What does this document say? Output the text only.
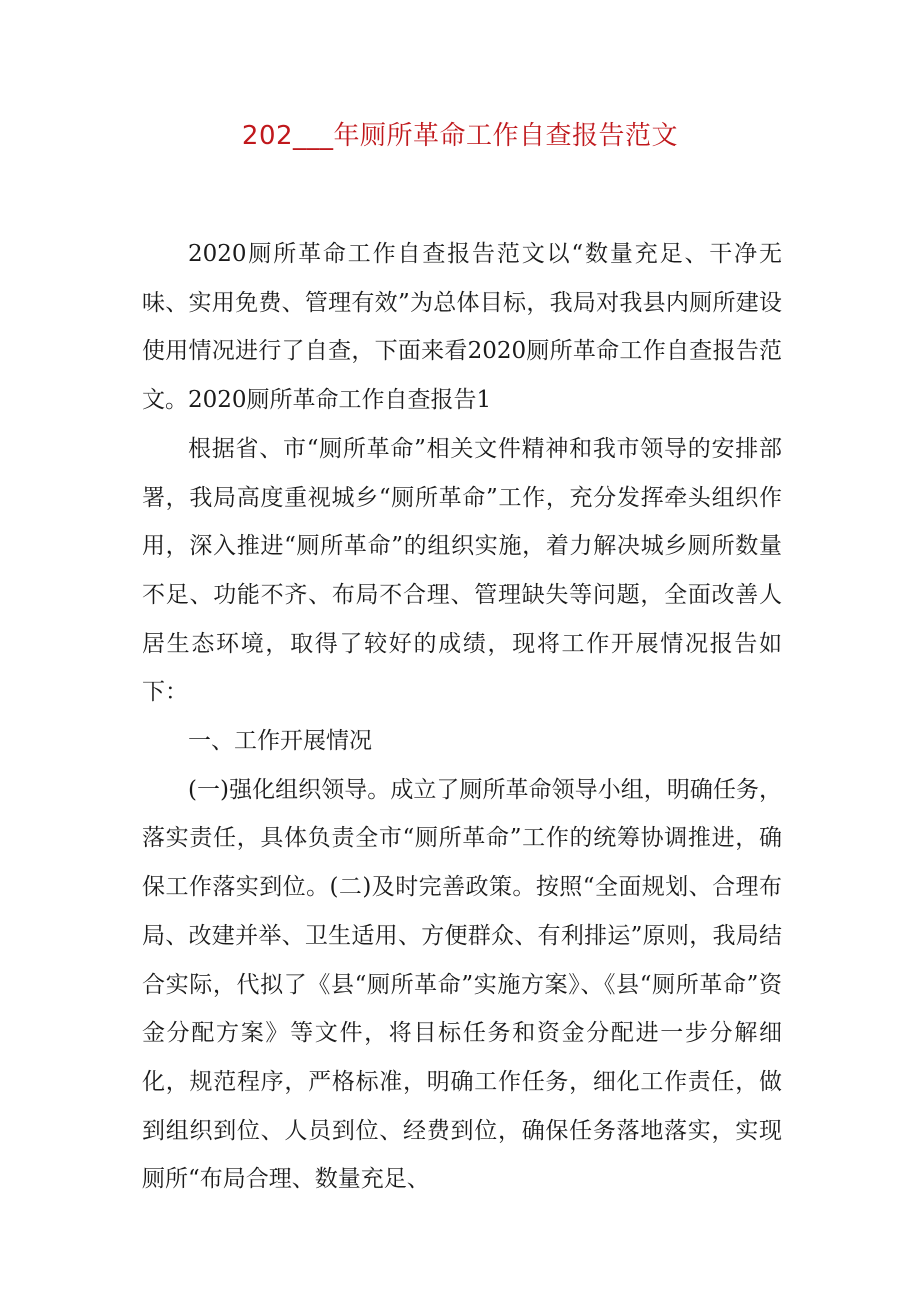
202___年厕所革命工作自查报告范文

2020厕所革命工作自查报告范文以“数量充足、干净无味、实用免费、管理有效”为总体目标，我局对我县内厕所建设使用情况进行了自查，下面来看2020厕所革命工作自查报告范文。2020厕所革命工作自查报告1

根据省、市“厕所革命”相关文件精神和我市领导的安排部署，我局高度重视城乡“厕所革命”工作，充分发挥牵头组织作用，深入推进“厕所革命”的组织实施，着力解决城乡厕所数量不足、功能不齐、布局不合理、管理缺失等问题，全面改善人居生态环境，取得了较好的成绩，现将工作开展情况报告如下：

一、工作开展情况

(一)强化组织领导。成立了厕所革命领导小组，明确任务，落实责任，具体负责全市“厕所革命”工作的统筹协调推进，确保工作落实到位。(二)及时完善政策。按照“全面规划、合理布局、改建并举、卫生适用、方便群众、有利排运”原则，我局结合实际，代拟了《县“厕所革命”实施方案》、《县“厕所革命”资金分配方案》等文件，将目标任务和资金分配进一步分解细化，规范程序，严格标准，明确工作任务，细化工作责任，做到组织到位、人员到位、经费到位，确保任务落地落实，实现厕所“布局合理、数量充足、
